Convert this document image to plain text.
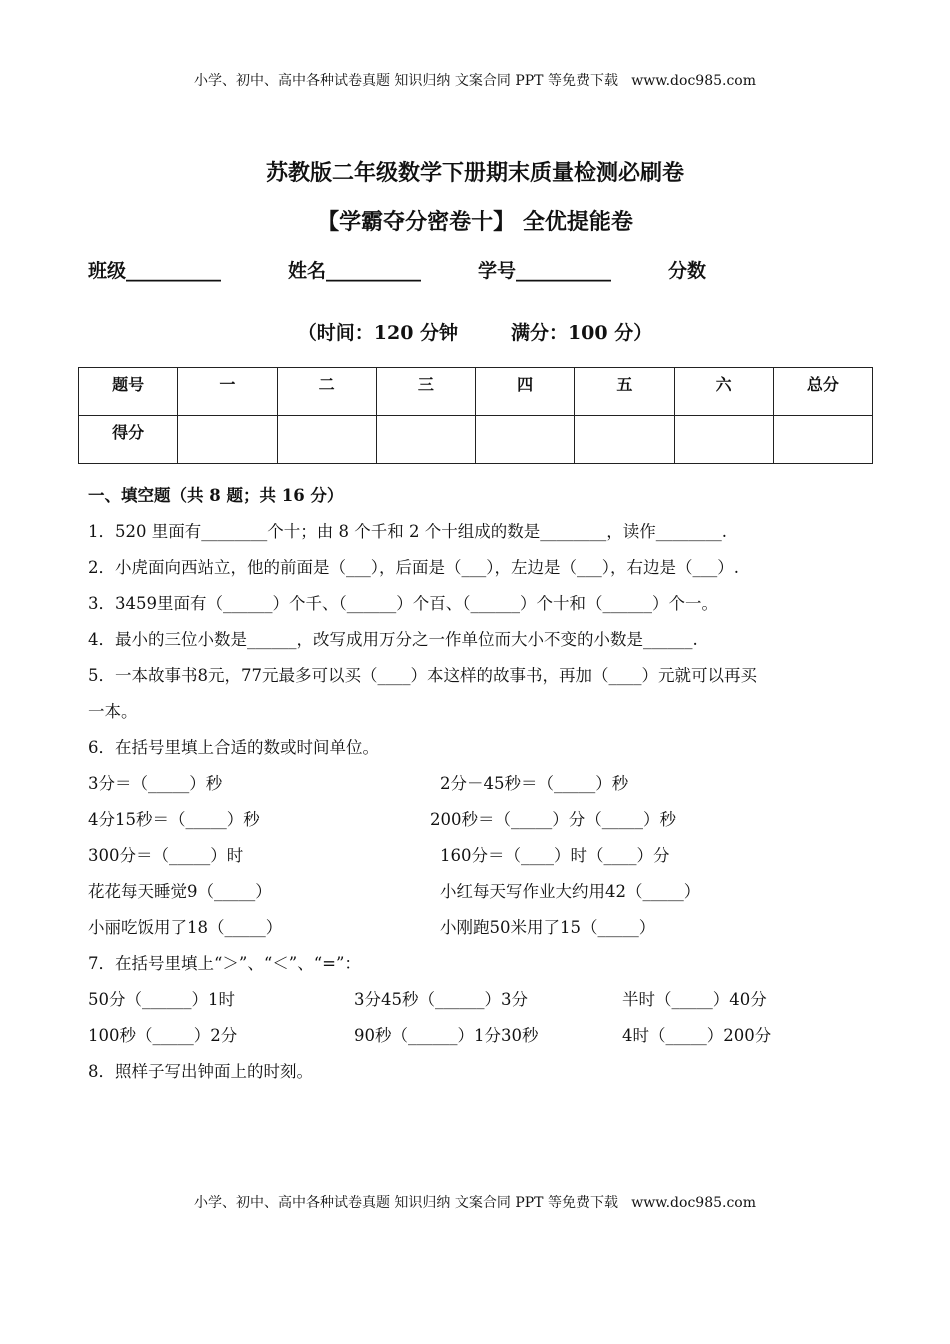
小学、初中、高中各种试卷真题 知识归纳 文案合同 PPT 等免费下载   www.doc985.com
苏教版二年级数学下册期末质量检测必刷卷
【学霸夺分密卷十】 全优提能卷
班级__________	姓名__________	学号__________	分数
（时间：120 分钟        满分：100 分）
题号	一	二	三	四	五	六	总分
得分							
一、填空题（共 8 题；共 16 分）
1．520 里面有________个十；由 8 个千和 2 个十组成的数是________，读作________.
2．小虎面向西站立，他的前面是（___），后面是（___），左边是（___），右边是（___）.
3．3459里面有（______）个千、（______）个百、（______）个十和（______）个一。
4．最小的三位小数是______，改写成用万分之一作单位而大小不变的小数是______.
5．一本故事书8元，77元最多可以买（____）本这样的故事书，再加（____）元就可以再买
一本。
6．在括号里填上合适的数或时间单位。
3分＝（_____）秒	2分－45秒＝（_____）秒
4分15秒＝（_____）秒	200秒＝（_____）分（_____）秒
300分＝（_____）时	160分＝（____）时（____）分
花花每天睡觉9（_____）	小红每天写作业大约用42（_____）
小丽吃饭用了18（_____）	小刚跑50米用了15（_____）
7．在括号里填上“＞”、“＜”、“=”：
50分（______）1时	3分45秒（______）3分	半时（_____）40分
100秒（_____）2分	90秒（______）1分30秒	4时（_____）200分
8．照样子写出钟面上的时刻。
小学、初中、高中各种试卷真题 知识归纳 文案合同 PPT 等免费下载   www.doc985.com
